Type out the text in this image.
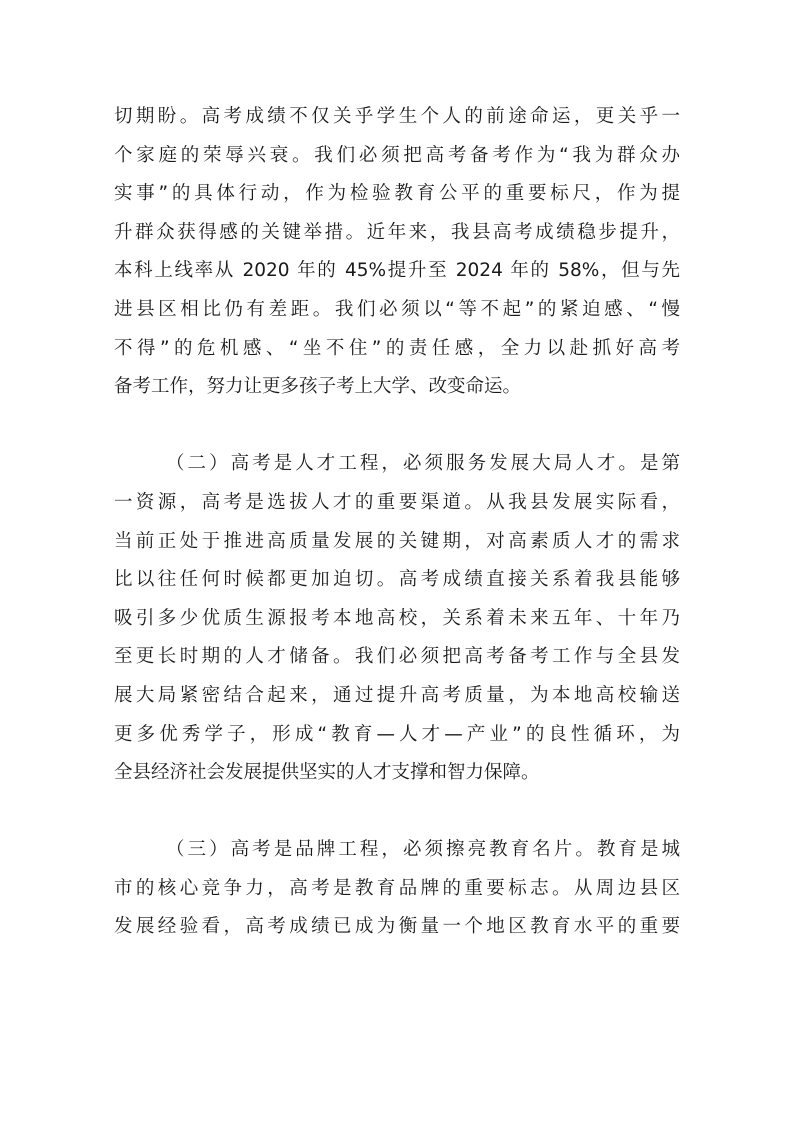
切期盼。高考成绩不仅关乎学生个人的前途命运，更关乎一
个家庭的荣辱兴衰。我们必须把高考备考作为“我为群众办
实事”的具体行动，作为检验教育公平的重要标尺，作为提
升群众获得感的关键举措。近年来，我县高考成绩稳步提升，
本科上线率从 2020 年的 45%提升至 2024 年的 58%，但与先
进县区相比仍有差距。我们必须以“等不起”的紧迫感、“慢
不得”的危机感、“坐不住”的责任感，全力以赴抓好高考
备考工作，努力让更多孩子考上大学、改变命运。
（二）高考是人才工程，必须服务发展大局人才。是第
一资源，高考是选拔人才的重要渠道。从我县发展实际看，
当前正处于推进高质量发展的关键期，对高素质人才的需求
比以往任何时候都更加迫切。高考成绩直接关系着我县能够
吸引多少优质生源报考本地高校，关系着未来五年、十年乃
至更长时期的人才储备。我们必须把高考备考工作与全县发
展大局紧密结合起来，通过提升高考质量，为本地高校输送
更多优秀学子，形成“教育—人才—产业”的良性循环，为
全县经济社会发展提供坚实的人才支撑和智力保障。
（三）高考是品牌工程，必须擦亮教育名片。教育是城
市的核心竞争力，高考是教育品牌的重要标志。从周边县区
发展经验看，高考成绩已成为衡量一个地区教育水平的重要
